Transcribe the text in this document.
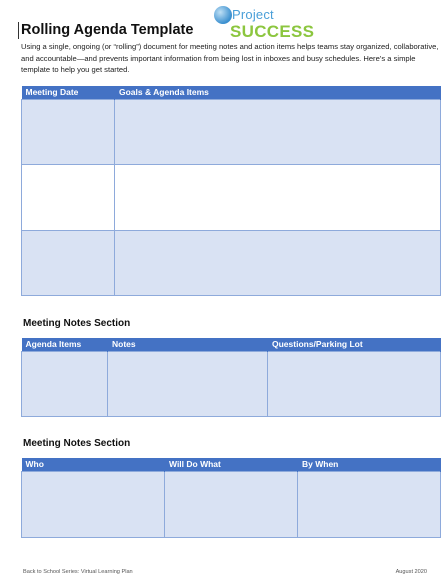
Rolling Agenda Template
Project
SUCCESS
Using a single, ongoing (or “rolling”) document for meeting notes and action items helps teams stay organized, collaborative, and accountable—and prevents important information from being lost in inboxes and busy schedules. Here’s a simple template to help you get started.
Meeting Date	Goals & Agenda Items

Meeting Notes Section
Agenda Items	Notes	Questions/Parking Lot

Meeting Notes Section
Who	Will Do What	By When

Back to School Series: Virtual Learning Plan	August 2020
